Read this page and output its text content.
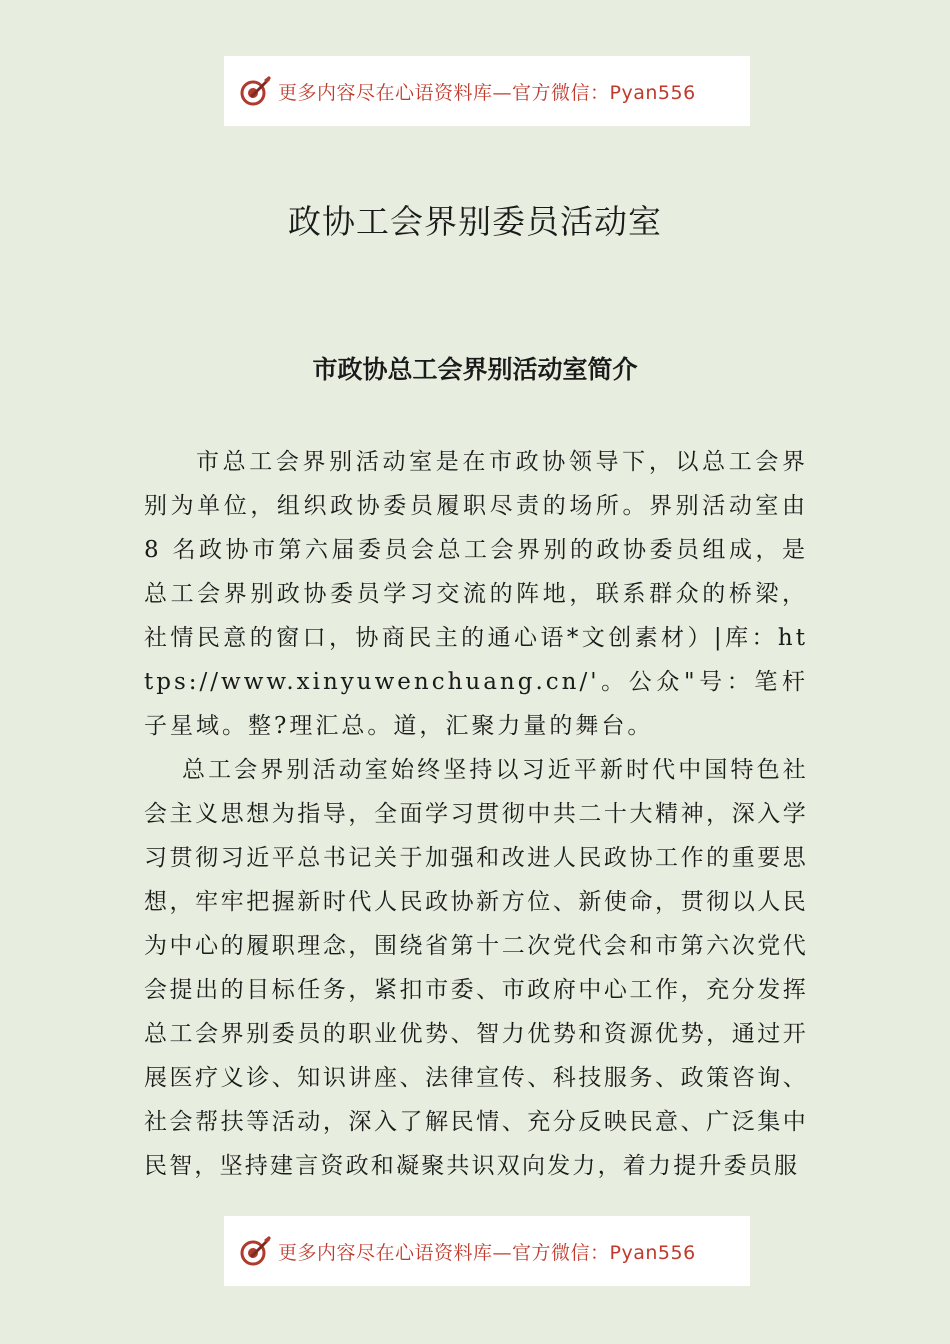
更多内容尽在心语资料库—官方微信：Pyan556
政协工会界别委员活动室
市政协总工会界别活动室简介

市总工会界别活动室是在市政协领导下，以总工会界别为单位，组织政协委员履职尽责的场所。界别活动室由8 名政协市第六届委员会总工会界别的政协委员组成，是总工会界别政协委员学习交流的阵地，联系群众的桥梁，社情民意的窗口，协商民主的通心语*文创素材）|库：https://www.xinyuwenchuang.cn/'。公众"号：笔杆子星域。整?理汇总。道，汇聚力量的舞台。

总工会界别活动室始终坚持以习近平新时代中国特色社会主义思想为指导，全面学习贯彻中共二十大精神，深入学习贯彻习近平总书记关于加强和改进人民政协工作的重要思想，牢牢把握新时代人民政协新方位、新使命，贯彻以人民为中心的履职理念，围绕省第十二次党代会和市第六次党代会提出的目标任务，紧扣市委、市政府中心工作，充分发挥总工会界别委员的职业优势、智力优势和资源优势，通过开展医疗义诊、知识讲座、法律宣传、科技服务、政策咨询、社会帮扶等活动，深入了解民情、充分反映民意、广泛集中民智，坚持建言资政和凝聚共识双向发力，着力提升委员服

更多内容尽在心语资料库—官方微信：Pyan556
